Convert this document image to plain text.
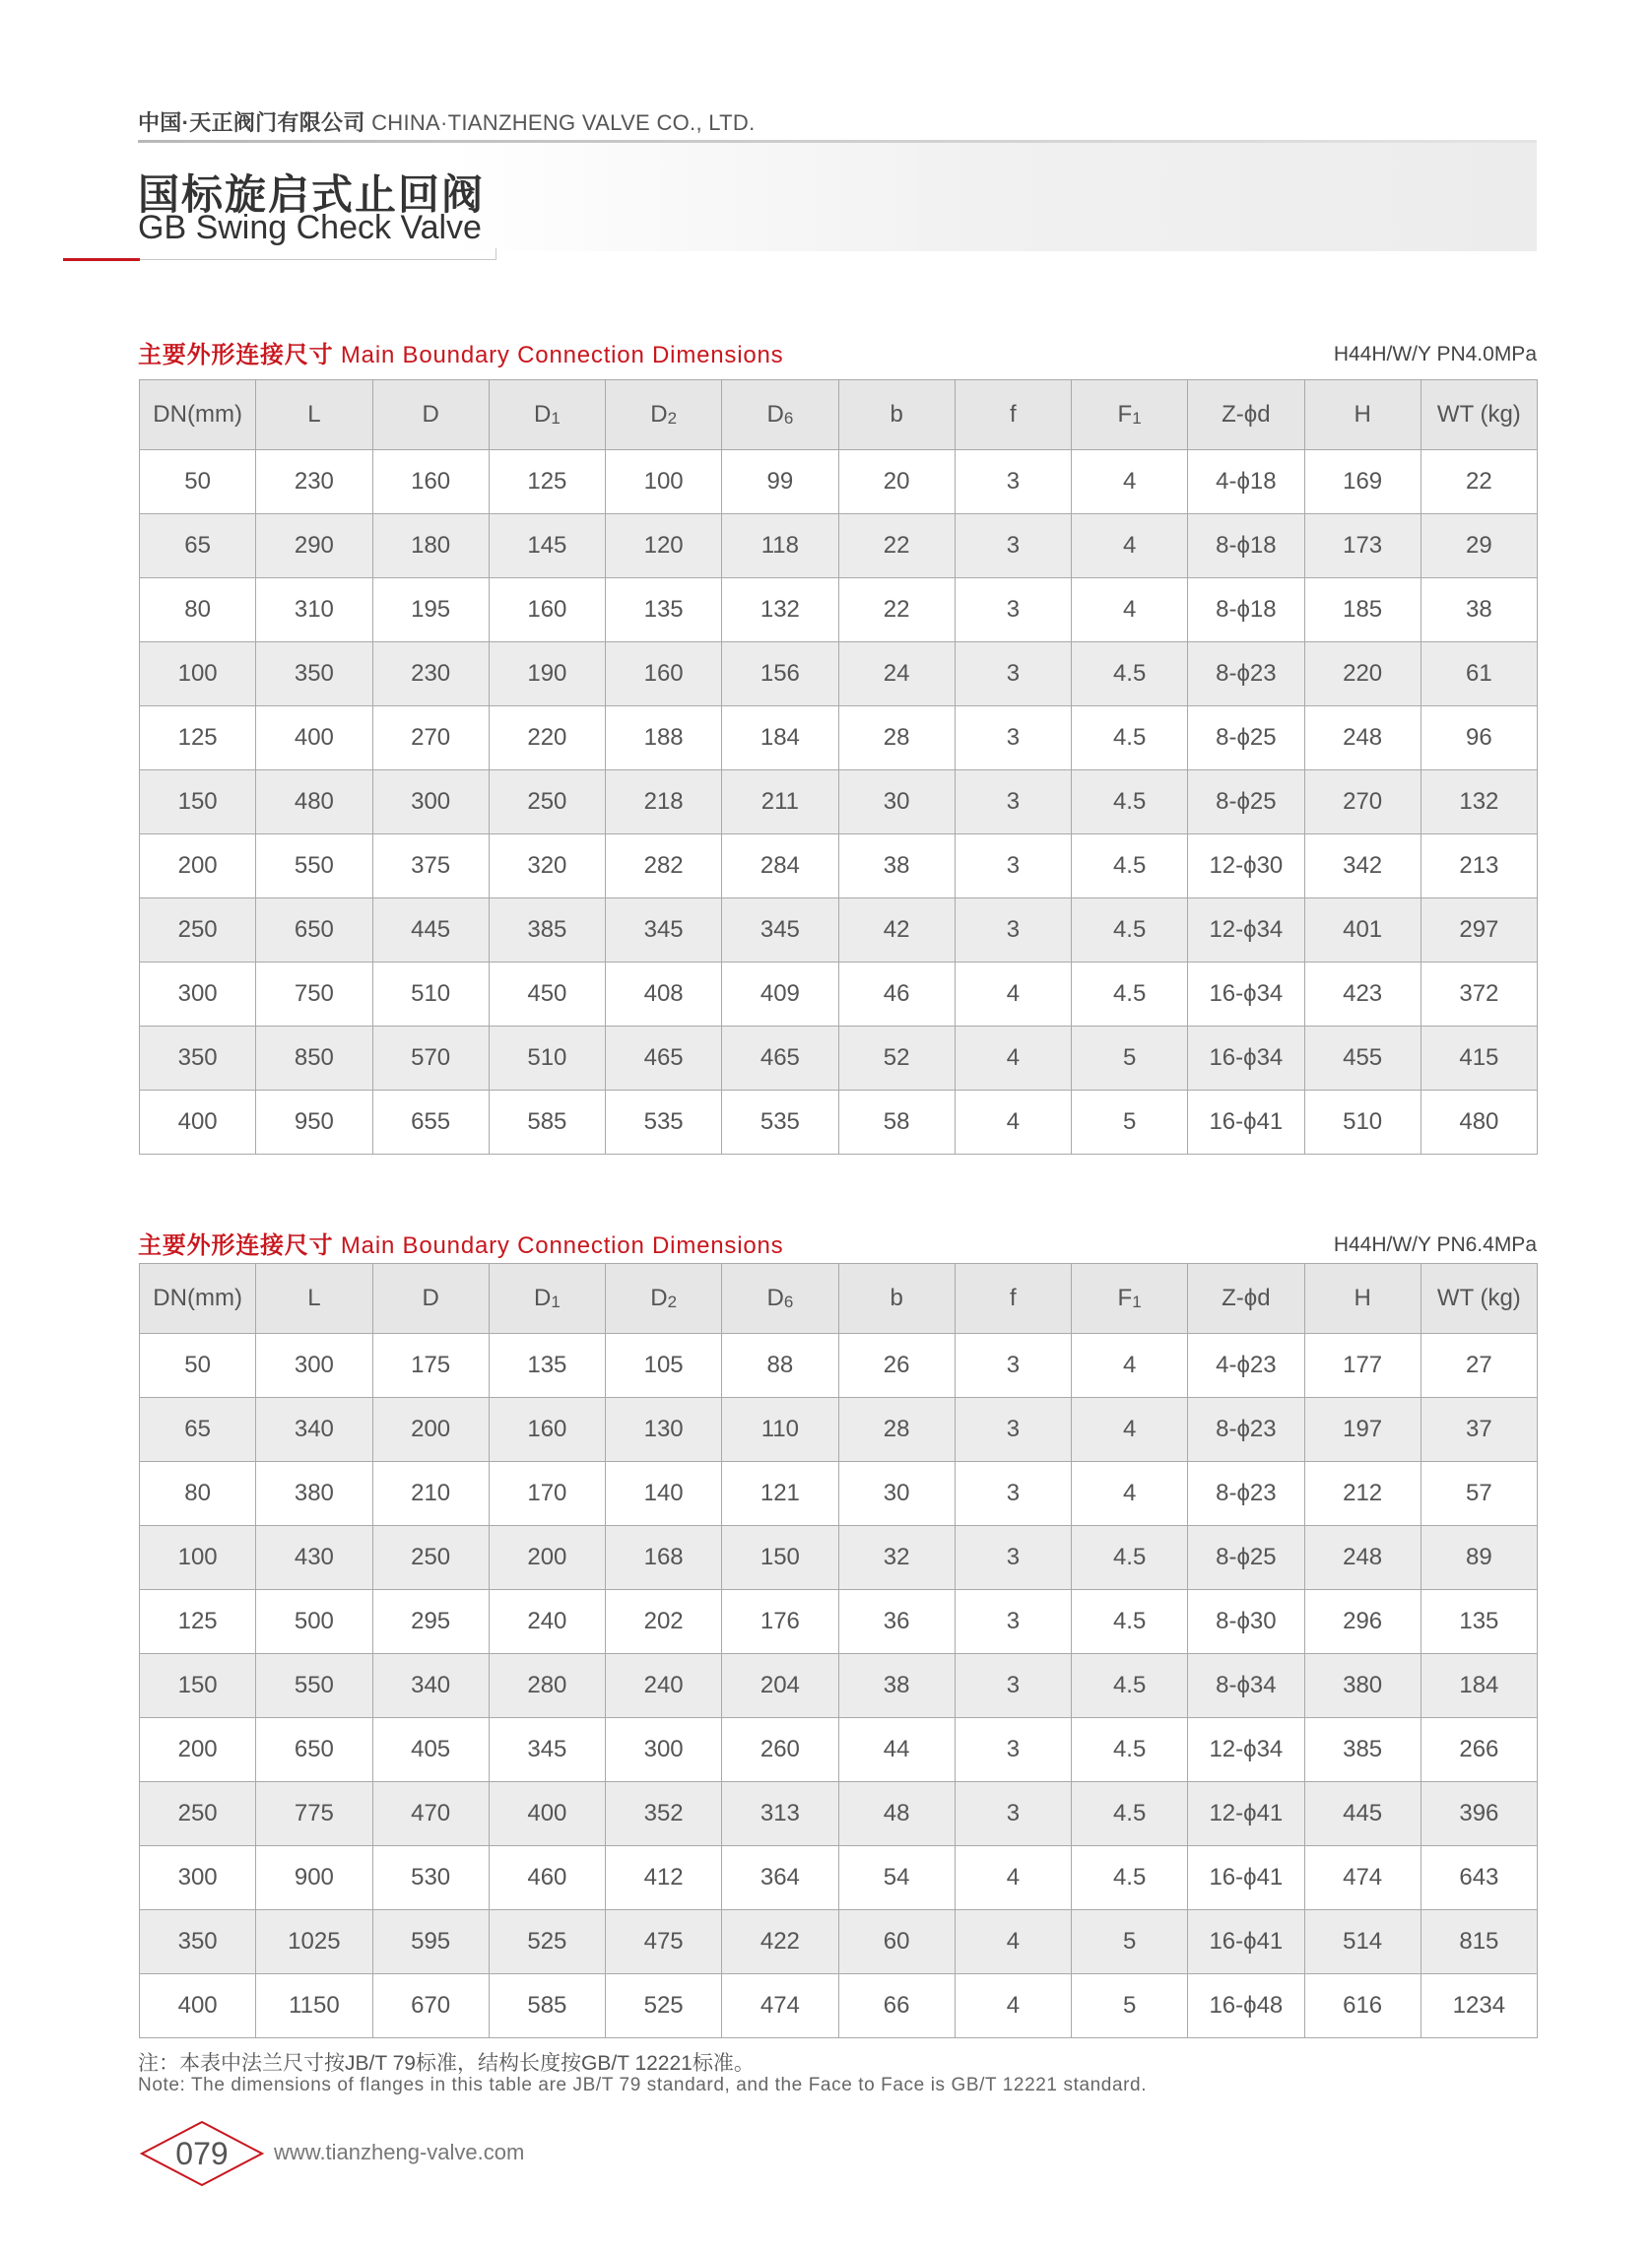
中国·天正阀门有限公司 CHINA·TIANZHENG VALVE CO., LTD.
国标旋启式止回阀
GB Swing Check Valve
主要外形连接尺寸 Main Boundary Connection Dimensions	H44H/W/Y PN4.0MPa
DN(mm)	L	D	D1	D2	D6	b	f	F1	Z-ϕd	H	WT (kg)
50	230	160	125	100	99	20	3	4	4-ϕ18	169	22
65	290	180	145	120	118	22	3	4	8-ϕ18	173	29
80	310	195	160	135	132	22	3	4	8-ϕ18	185	38
100	350	230	190	160	156	24	3	4.5	8-ϕ23	220	61
125	400	270	220	188	184	28	3	4.5	8-ϕ25	248	96
150	480	300	250	218	211	30	3	4.5	8-ϕ25	270	132
200	550	375	320	282	284	38	3	4.5	12-ϕ30	342	213
250	650	445	385	345	345	42	3	4.5	12-ϕ34	401	297
300	750	510	450	408	409	46	4	4.5	16-ϕ34	423	372
350	850	570	510	465	465	52	4	5	16-ϕ34	455	415
400	950	655	585	535	535	58	4	5	16-ϕ41	510	480
主要外形连接尺寸 Main Boundary Connection Dimensions	H44H/W/Y PN6.4MPa
DN(mm)	L	D	D1	D2	D6	b	f	F1	Z-ϕd	H	WT (kg)
50	300	175	135	105	88	26	3	4	4-ϕ23	177	27
65	340	200	160	130	110	28	3	4	8-ϕ23	197	37
80	380	210	170	140	121	30	3	4	8-ϕ23	212	57
100	430	250	200	168	150	32	3	4.5	8-ϕ25	248	89
125	500	295	240	202	176	36	3	4.5	8-ϕ30	296	135
150	550	340	280	240	204	38	3	4.5	8-ϕ34	380	184
200	650	405	345	300	260	44	3	4.5	12-ϕ34	385	266
250	775	470	400	352	313	48	3	4.5	12-ϕ41	445	396
300	900	530	460	412	364	54	4	4.5	16-ϕ41	474	643
350	1025	595	525	475	422	60	4	5	16-ϕ41	514	815
400	1150	670	585	525	474	66	4	5	16-ϕ48	616	1234
注：本表中法兰尺寸按JB/T 79标准，结构长度按GB/T 12221标准。
Note: The dimensions of flanges in this table are JB/T 79 standard, and the Face to Face is GB/T 12221 standard.
079	www.tianzheng-valve.com
